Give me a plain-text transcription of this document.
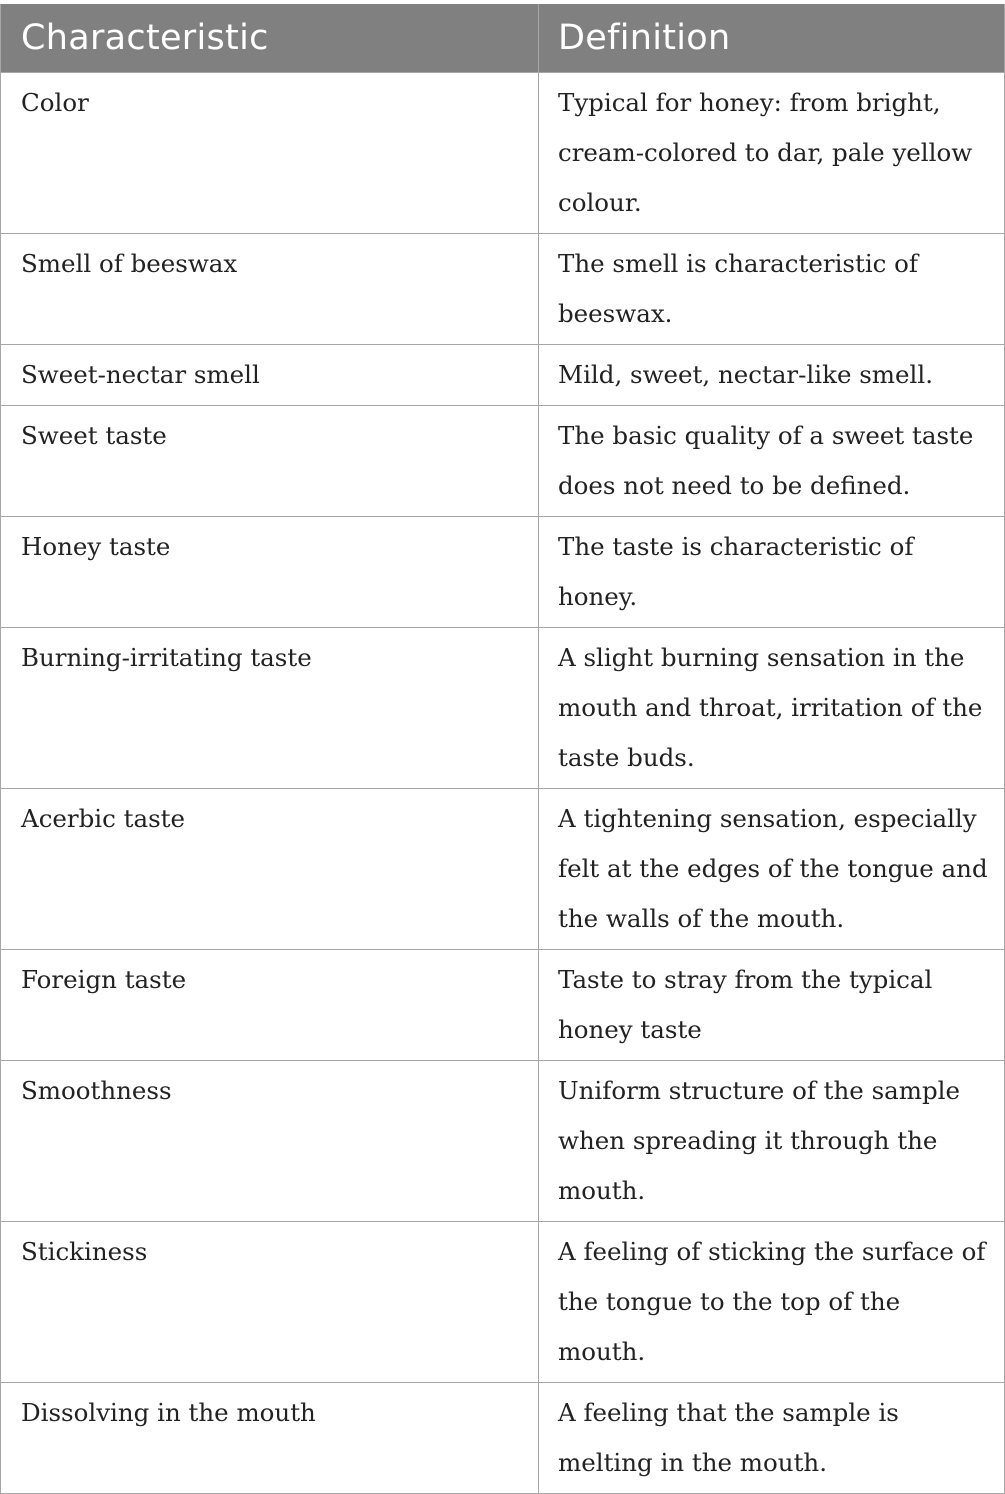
Characteristic	Definition
Color	Typical for honey: from bright, cream-colored to dar, pale yellow colour.
Smell of beeswax	The smell is characteristic of beeswax.
Sweet-nectar smell	Mild, sweet, nectar-like smell.
Sweet taste	The basic quality of a sweet taste does not need to be defined.
Honey taste	The taste is characteristic of honey.
Burning-irritating taste	A slight burning sensation in the mouth and throat, irritation of the taste buds.
Acerbic taste	A tightening sensation, especially felt at the edges of the tongue and the walls of the mouth.
Foreign taste	Taste to stray from the typical honey taste
Smoothness	Uniform structure of the sample when spreading it through the mouth.
Stickiness	A feeling of sticking the surface of the tongue to the top of the mouth.
Dissolving in the mouth	A feeling that the sample is melting in the mouth.
